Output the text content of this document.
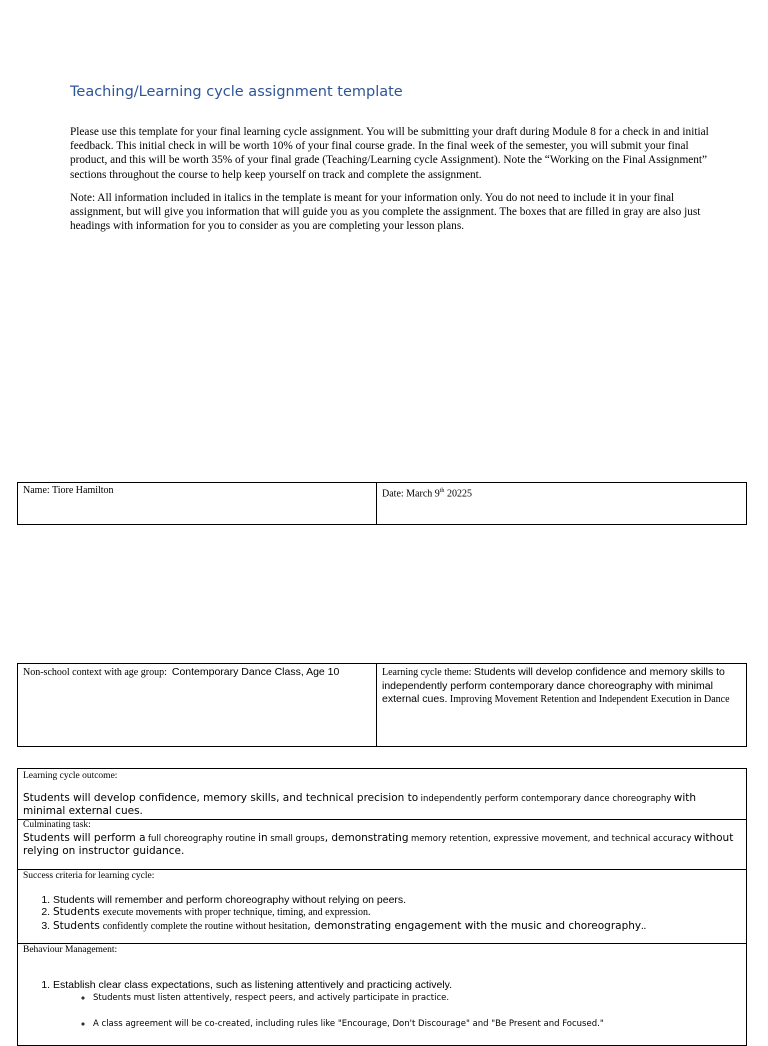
Teaching/Learning cycle assignment template
Please use this template for your final learning cycle assignment. You will be submitting your draft during Module 8 for a check in and initial feedback. This initial check in will be worth 10% of your final course grade. In the final week of the semester, you will submit your final product, and this will be worth 35% of your final grade (Teaching/Learning cycle Assignment). Note the “Working on the Final Assignment” sections throughout the course to help keep yourself on track and complete the assignment.
Note: All information included in italics in the template is meant for your information only. You do not need to include it in your final assignment, but will give you information that will guide you as you complete the assignment. The boxes that are filled in gray are also just headings with information for you to consider as you are completing your lesson plans.
Name: Tiore Hamilton	Date: March 9th 20225
Non-school context with age group: Contemporary Dance Class, Age 10	Learning cycle theme: Students will develop confidence and memory skills to independently perform contemporary dance choreography with minimal external cues. Improving Movement Retention and Independent Execution in Dance
Learning cycle outcome:
Students will develop confidence, memory skills, and technical precision to independently perform contemporary dance choreography with minimal external cues.
Culminating task:
Students will perform a full choreography routine in small groups, demonstrating memory retention, expressive movement, and technical accuracy without relying on instructor guidance.
Success criteria for learning cycle:
1. Students will remember and perform choreography without relying on peers.
2. Students execute movements with proper technique, timing, and expression.
3. Students confidently complete the routine without hesitation, demonstrating engagement with the music and choreography..
Behaviour Management:
1. Establish clear class expectations, such as listening attentively and practicing actively.
◦ Students must listen attentively, respect peers, and actively participate in practice.
◦ A class agreement will be co-created, including rules like "Encourage, Don't Discourage" and "Be Present and Focused."
